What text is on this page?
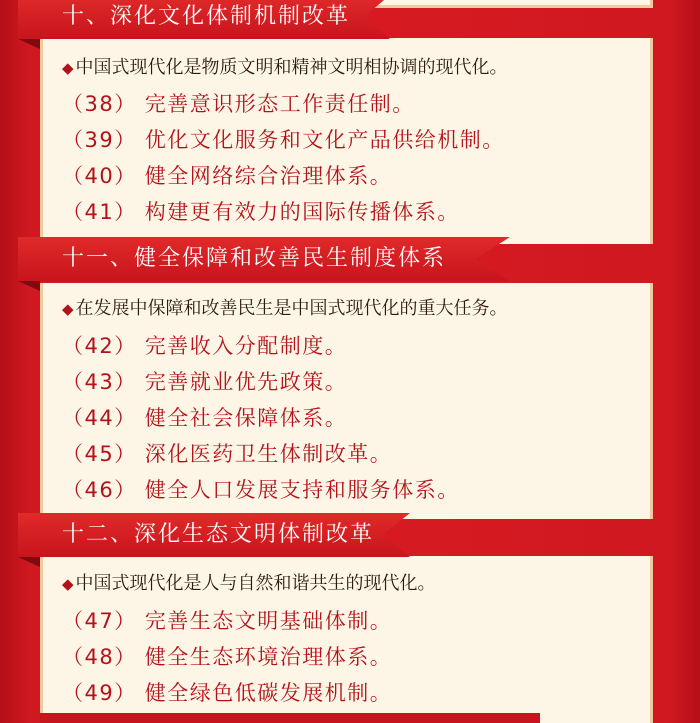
十、深化文化体制机制改革
◆ 中国式现代化是物质文明和精神文明相协调的现代化。
（38） 完善意识形态工作责任制。
（39） 优化文化服务和文化产品供给机制。
（40） 健全网络综合治理体系。
（41） 构建更有效力的国际传播体系。
十一、健全保障和改善民生制度体系
◆ 在发展中保障和改善民生是中国式现代化的重大任务。
（42） 完善收入分配制度。
（43） 完善就业优先政策。
（44） 健全社会保障体系。
（45） 深化医药卫生体制改革。
（46） 健全人口发展支持和服务体系。
十二、深化生态文明体制改革
◆ 中国式现代化是人与自然和谐共生的现代化。
（47） 完善生态文明基础体制。
（48） 健全生态环境治理体系。
（49） 健全绿色低碳发展机制。
